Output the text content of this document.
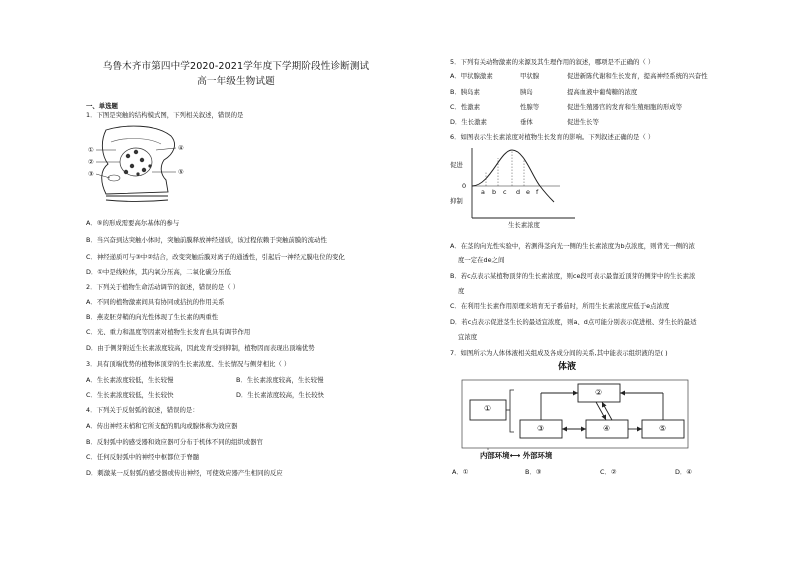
乌鲁木齐市第四中学2020-2021学年度下学期阶段性诊断测试
高一年级生物试题
一、单选题
1．下图是突触的结构模式图，下列相关叙述，错误的是
①
②
③
④
⑤
A．⑤的形成需要高尔基体的参与
B．当兴奋到达突触小体时，突触前膜释放神经递质，该过程依赖于突触前膜的流动性
C．神经递质可与③中②结合，改变突触后膜对离子的通透性，引起后一神经元膜电位的变化
D．①中是线粒体，其内氧分压高，二氧化碳分压低
2．下列关于植物生命活动调节的叙述，错误的是（ ）
A．不同的植物激素间具有协同或拮抗的作用关系
B．燕麦胚芽鞘的向光性体现了生长素的两重性
C．光、重力和温度等因素对植物生长发育也具有调节作用
D．由于侧芽附近生长素浓度较高，因此发育受到抑制，植物因而表现出顶端优势
3．具有顶端优势的植物体顶芽的生长素浓度、生长情况与侧芽相比（ ）
A．生长素浓度较低，生长较慢	B．生长素浓度较高，生长较慢
C．生长素浓度较低，生长较快	D．生长素浓度较高，生长较快
4．下列关于反射弧的叙述，错误的是：
A．传出神经末梢和它所支配的肌肉或腺体称为效应器
B．反射弧中的感受器和效应器可分布于机体不同的组织或器官
C．任何反射弧中的神经中枢都位于脊髓
D．刺激某一反射弧的感受器或传出神经，可使效应器产生相同的反应
5．下列有关动物激素的来源及其生理作用的叙述，哪项是不正确的（ ）
A．甲状腺激素	甲状腺	促进新陈代谢和生长发育，提高神经系统的兴奋性
B．胰岛素	胰岛	提高血液中葡萄糖的浓度
C．性激素	性腺等	促进生殖器官的发育和生殖细胞的形成等
D．生长激素	垂体	促进生长等
6．如图表示生长素浓度对植物生长发育的影响。下列叙述正确的是（ ）
促进
0
抑制
生长素浓度
a b c d e f
A．在茎的向光性实验中，若测得茎向光一侧的生长素浓度为b点浓度，则背光一侧的浓
度一定在de之间
B．若c点表示某植物顶芽的生长素浓度，则ce段可表示最靠近顶芽的侧芽中的生长素浓
度
C．在利用生长素作用原理来培育无子番茄时，所用生长素浓度应低于e点浓度
D．若c点表示促进茎生长的最适宜浓度，则a、d点可能分别表示促进根、芽生长的最适
宜浓度
7．如图所示为人体体液相关组成及各成分间的关系,其中能表示组织液的是( )
体液
①
②
③	④	⑤
内部环境⟷ 外部环境
A．①	B．③	C．②	D．④
